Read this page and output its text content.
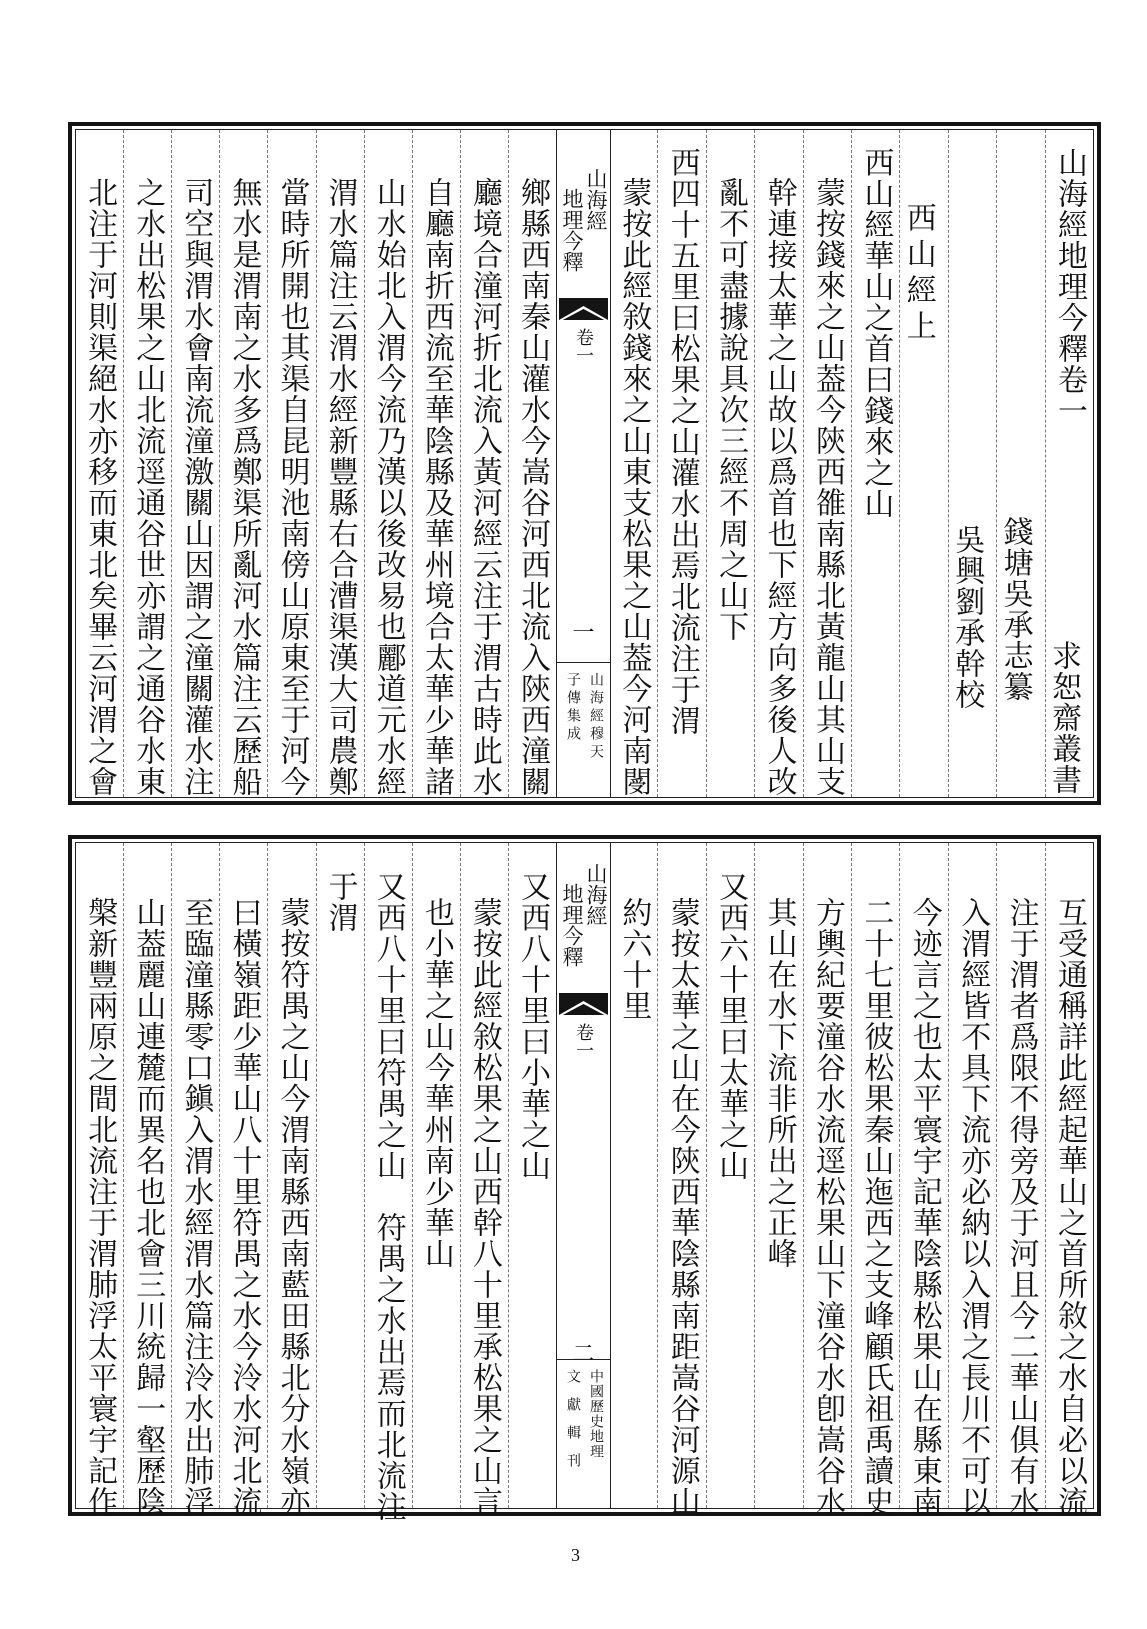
鄉縣西南秦山灌水今嵩谷河西北流入陝西潼關
廳境合潼河折北流入黃河經云注于渭古時此水
自廳南折西流至華陰縣及華州境合太華少華諸
山水始北入渭今流乃漢以後改易也酈道元水經
渭水篇注云渭水經新豐縣右合漕渠漢大司農鄭
當時所開也其渠自昆明池南傍山原東至于河今
無水是渭南之水多爲鄭渠所亂河水篇注云歷船
司空與渭水會南流潼激關山因謂之潼關灌水注
之水出松果之山北流逕通谷世亦謂之通谷水東
北注于河則渠絕水亦移而東北矣畢云河渭之會	山海經
地理今釋
卷一
一
山海經穆天
子傳集成
山海經地理今釋卷一
求恕齋叢書
錢塘吳承志纂
吳興劉承幹校
西山經上
西山經華山之首曰錢來之山
蒙按錢來之山葢今陝西雒南縣北黃龍山其山支
幹連接太華之山故以爲首也下經方向多後人改
亂不可盡據說具次三經不周之山下
西四十五里曰松果之山灌水出焉北流注于渭
蒙按此經敘錢來之山東支松果之山葢今河南閿
又西八十里曰小華之山
蒙按此經敘松果之山西幹八十里承松果之山言
也小華之山今華州南少華山
又西八十里曰符禺之山　符禺之水出焉而北流注
于渭
蒙按符禺之山今渭南縣西南藍田縣北分水嶺亦
曰橫嶺距少華山八十里符禺之水今泠水河北流
至臨潼縣零口鎭入渭水經渭水篇注泠水出肺浮
山葢麗山連麓而異名也北會三川統歸一壑歷陰
槃新豐兩原之間北流注于渭肺浮太平寰宇記作
山海經
地理今釋
卷一
二
中國歷史地理
文獻輯刊	互受通稱詳此經起華山之首所敘之水自必以流
注于渭者爲限不得旁及于河且今二華山俱有水
入渭經皆不具下流亦必納以入渭之長川不可以
今迹言之也太平寰宇記華陰縣松果山在縣東南
二十七里彼松果秦山迤西之支峰顧氏祖禹讀史
方輿紀要潼谷水流逕松果山下潼谷水卽嵩谷水
其山在水下流非所出之正峰
又西六十里曰太華之山
蒙按太華之山在今陝西華陰縣南距嵩谷河源山
約六十里
3
